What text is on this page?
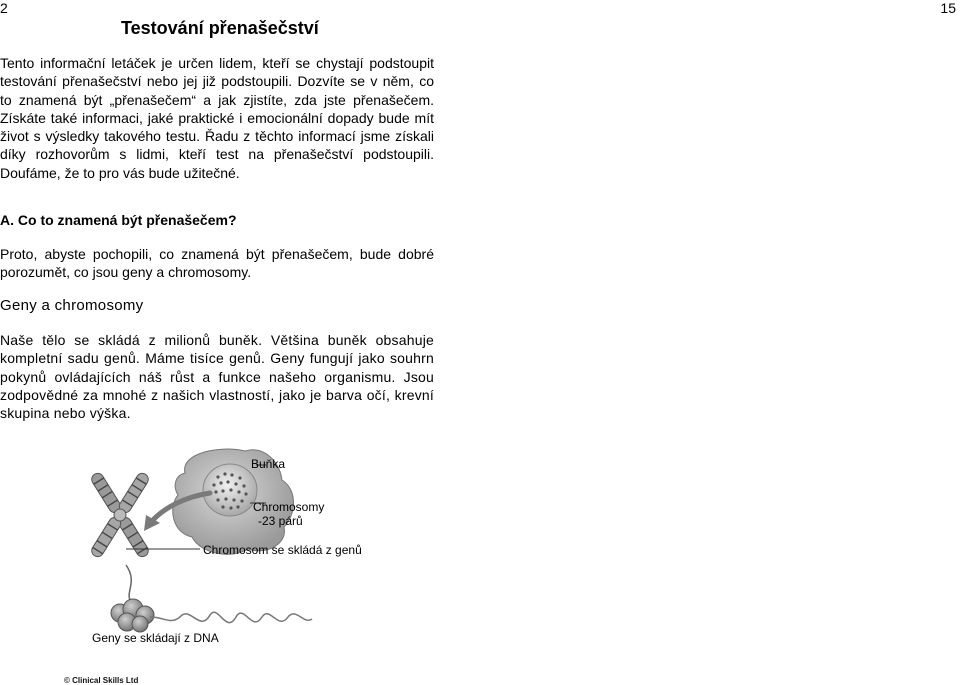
2	15
Testování přenašečství

Tento informační letáček je určen lidem, kteří se chystají podstoupit testování přenašečství nebo jej již podstoupili. Dozvíte se v něm, co to znamená být „přenašečem“ a jak zjistíte, zda jste přenašečem. Získáte také informaci, jaké praktické i emocionální dopady bude mít život s výsledky takového testu. Řadu z těchto informací jsme získali díky rozhovorům s lidmi, kteří test na přenašečství podstoupili. Doufáme, že to pro vás bude užitečné.

A. Co to znamená být přenašečem?

Proto, abyste pochopili, co znamená být přenašečem, bude dobré porozumět, co jsou geny a chromosomy.

Geny a chromosomy

Naše tělo se skládá z milionů buněk. Většina buněk obsahuje kompletní sadu genů. Máme tisíce genů. Geny fungují jako souhrn pokynů ovládajících náš růst a funkce našeho organismu. Jsou zodpovědné za mnohé z našich vlastností, jako je barva očí, krevní skupina nebo výška.

Buňka
Chromosomy
-23 párů
Chromosom se skládá z genů
Geny se skládají z DNA
© Clinical Skills Ltd
